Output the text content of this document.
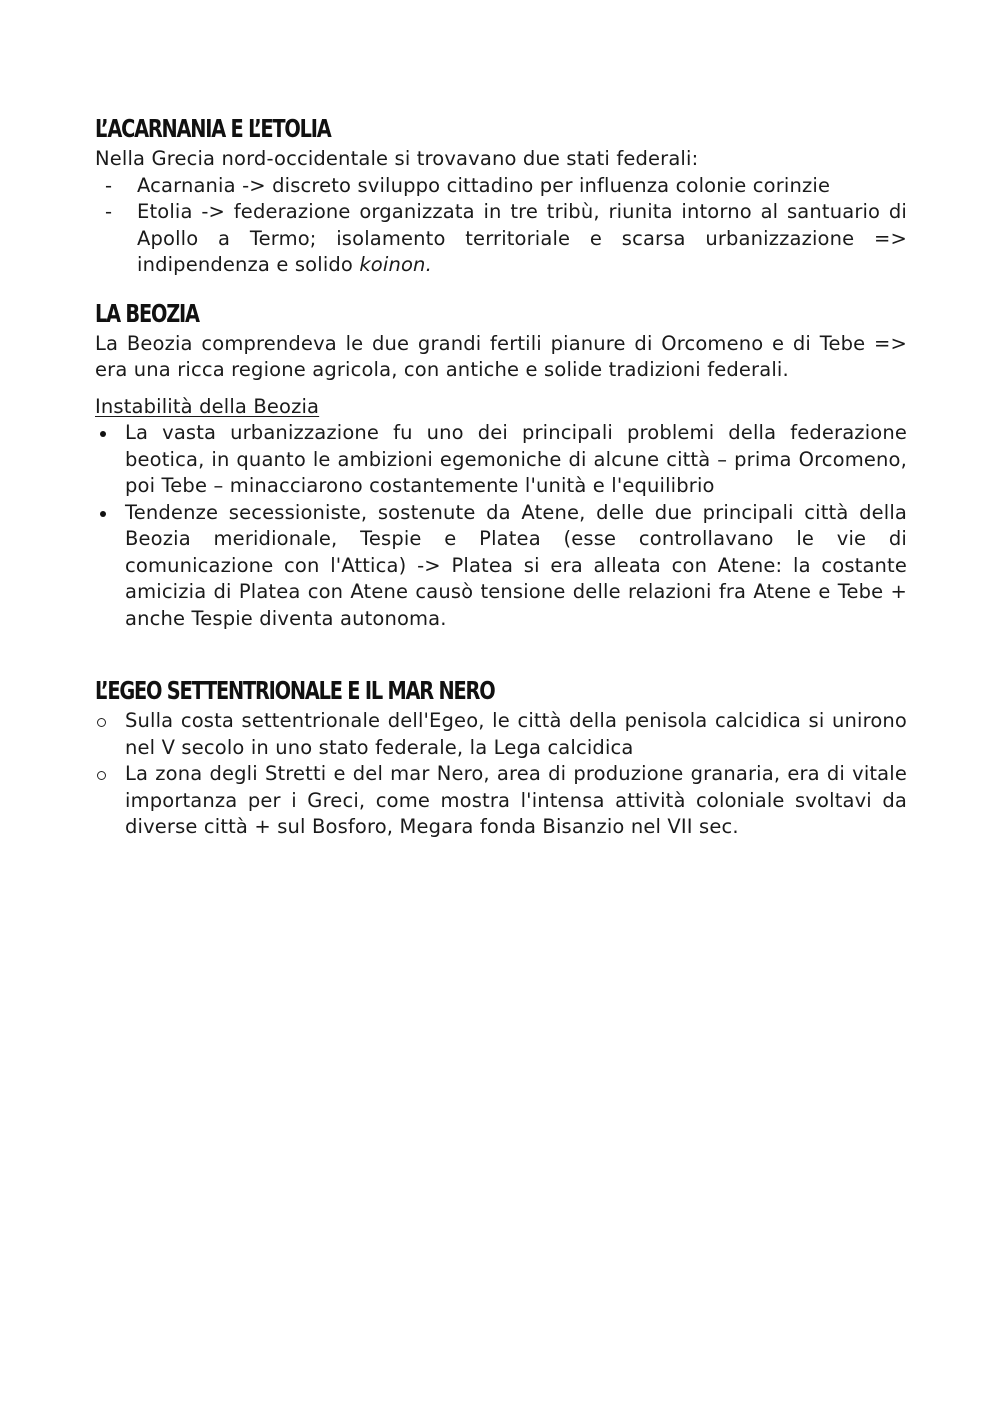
L’ACARNANIA E L’ETOLIA

Nella Grecia nord-occidentale si trovavano due stati federali:

- Acarnania -> discreto sviluppo cittadino per influenza colonie corinzie
- Etolia -> federazione organizzata in tre tribù, riunita intorno al santuario di Apollo a Termo; isolamento territoriale e scarsa urbanizzazione => indipendenza e solido koinon.
LA BEOZIA

La Beozia comprendeva le due grandi fertili pianure di Orcomeno e di Tebe => era una ricca regione agricola, con antiche e solide tradizioni federali.

Instabilità della Beozia

La vasta urbanizzazione fu uno dei principali problemi della federazione beotica, in quanto le ambizioni egemoniche di alcune città – prima Orcomeno, poi Tebe – minacciarono costantemente l'unità e l'equilibrio
Tendenze secessioniste, sostenute da Atene, delle due principali città della Beozia meridionale, Tespie e Platea (esse controllavano le vie di comunicazione con l'Attica) -> Platea si era alleata con Atene: la costante amicizia di Platea con Atene causò tensione delle relazioni fra Atene e Tebe + anche Tespie diventa autonoma.
L’EGEO SETTENTRIONALE E IL MAR NERO
Sulla costa settentrionale dell'Egeo, le città della penisola calcidica si unirono nel V secolo in uno stato federale, la Lega calcidica
La zona degli Stretti e del mar Nero, area di produzione granaria, era di vitale importanza per i Greci, come mostra l'intensa attività coloniale svoltavi da diverse città + sul Bosforo, Megara fonda Bisanzio nel VII sec.
